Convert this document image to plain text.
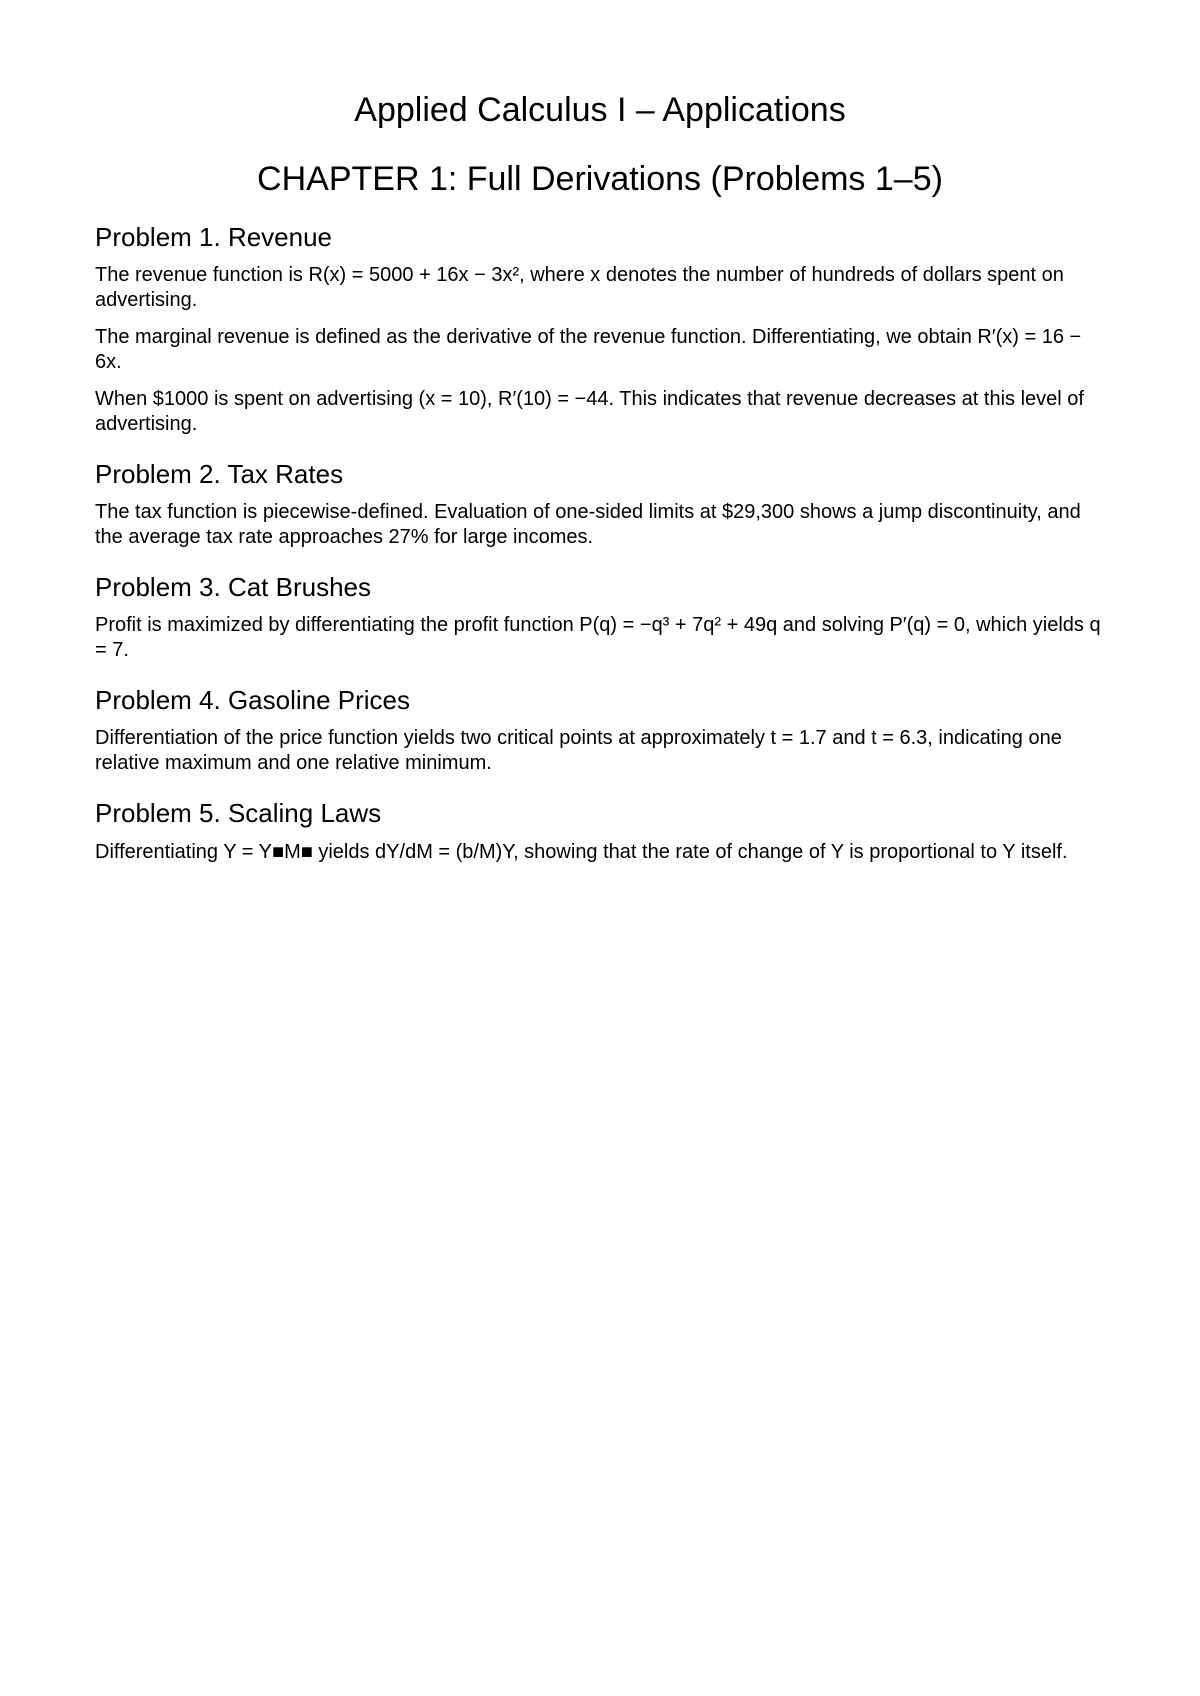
Applied Calculus I – Applications
CHAPTER 1: Full Derivations (Problems 1–5)
Problem 1. Revenue

The revenue function is R(x) = 5000 + 16x − 3x², where x denotes the number of hundreds of dollars spent on advertising.

The marginal revenue is defined as the derivative of the revenue function. Differentiating, we obtain R′(x) = 16 − 6x.

When $1000 is spent on advertising (x = 10), R′(10) = −44. This indicates that revenue decreases at this level of advertising.

Problem 2. Tax Rates

The tax function is piecewise-defined. Evaluation of one-sided limits at $29,300 shows a jump discontinuity, and the average tax rate approaches 27% for large incomes.

Problem 3. Cat Brushes

Profit is maximized by differentiating the profit function P(q) = −q³ + 7q² + 49q and solving P′(q) = 0, which yields q = 7.

Problem 4. Gasoline Prices

Differentiation of the price function yields two critical points at approximately t = 1.7 and t = 6.3, indicating one relative maximum and one relative minimum.

Problem 5. Scaling Laws

Differentiating Y = Y■M■ yields dY/dM = (b/M)Y, showing that the rate of change of Y is proportional to Y itself.
